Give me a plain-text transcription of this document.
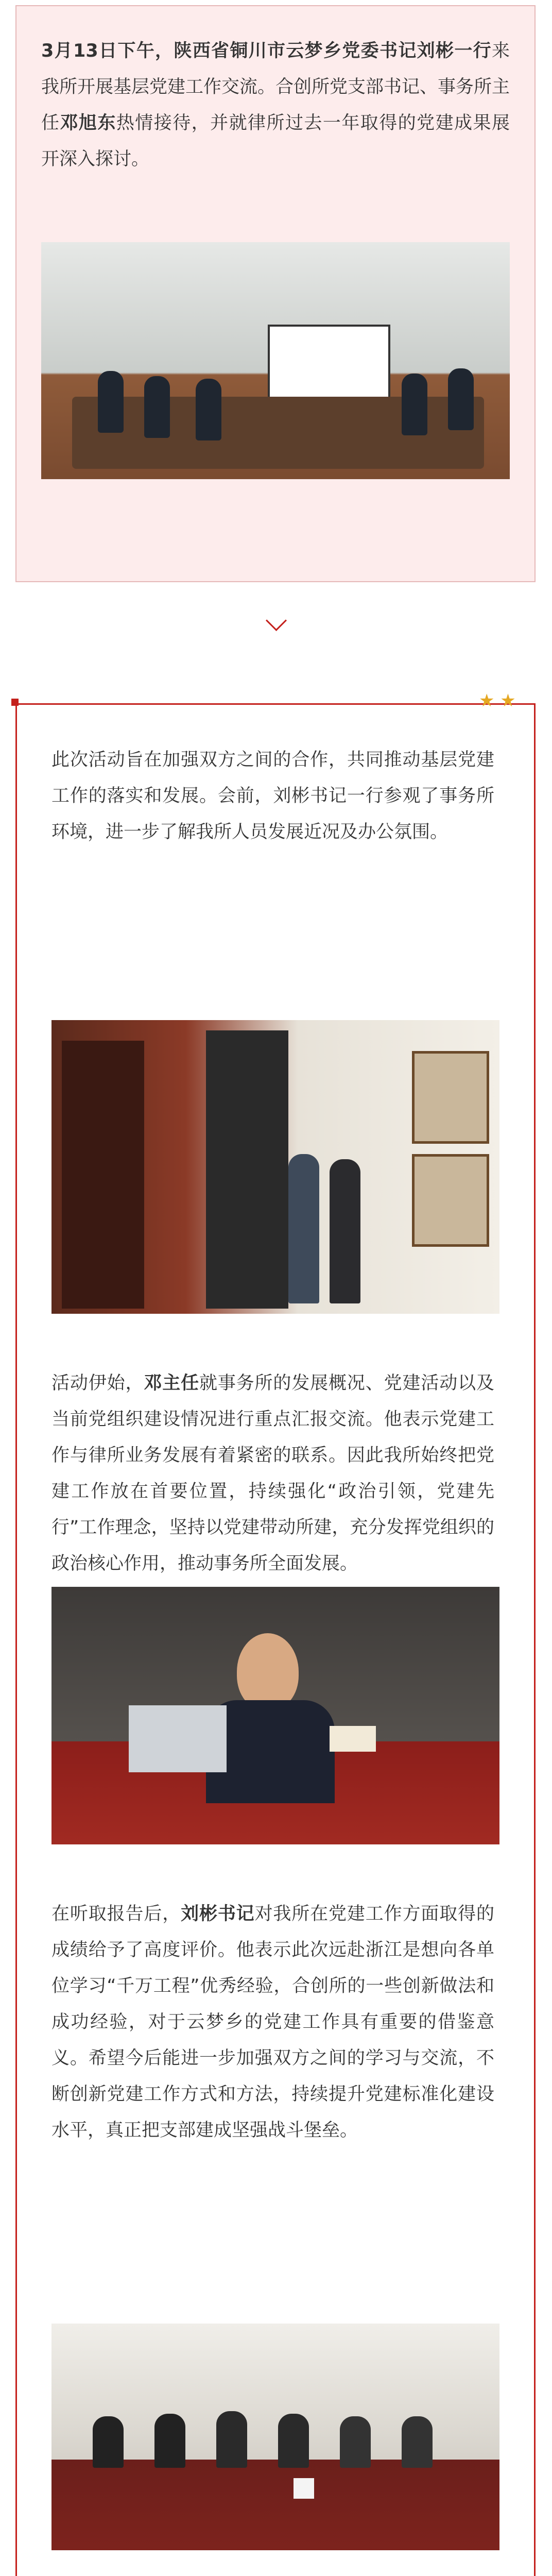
3月13日下午，陕西省铜川市云梦乡党委书记刘彬一行来我所开展基层党建工作交流。合创所党支部书记、事务所主任邓旭东热情接待，并就律所过去一年取得的党建成果展开深入探讨。
★ ★
此次活动旨在加强双方之间的合作，共同推动基层党建工作的落实和发展。会前，刘彬书记一行参观了事务所环境，进一步了解我所人员发展近况及办公氛围。
活动伊始，邓主任就事务所的发展概况、党建活动以及当前党组织建设情况进行重点汇报交流。他表示党建工作与律所业务发展有着紧密的联系。因此我所始终把党建工作放在首要位置，持续强化“政治引领，党建先行”工作理念，坚持以党建带动所建，充分发挥党组织的政治核心作用，推动事务所全面发展。
在听取报告后，刘彬书记对我所在党建工作方面取得的成绩给予了高度评价。他表示此次远赴浙江是想向各单位学习“千万工程”优秀经验，合创所的一些创新做法和成功经验，对于云梦乡的党建工作具有重要的借鉴意义。希望今后能进一步加强双方之间的学习与交流，不断创新党建工作方式和方法，持续提升党建标准化建设水平，真正把支部建成坚强战斗堡垒。
